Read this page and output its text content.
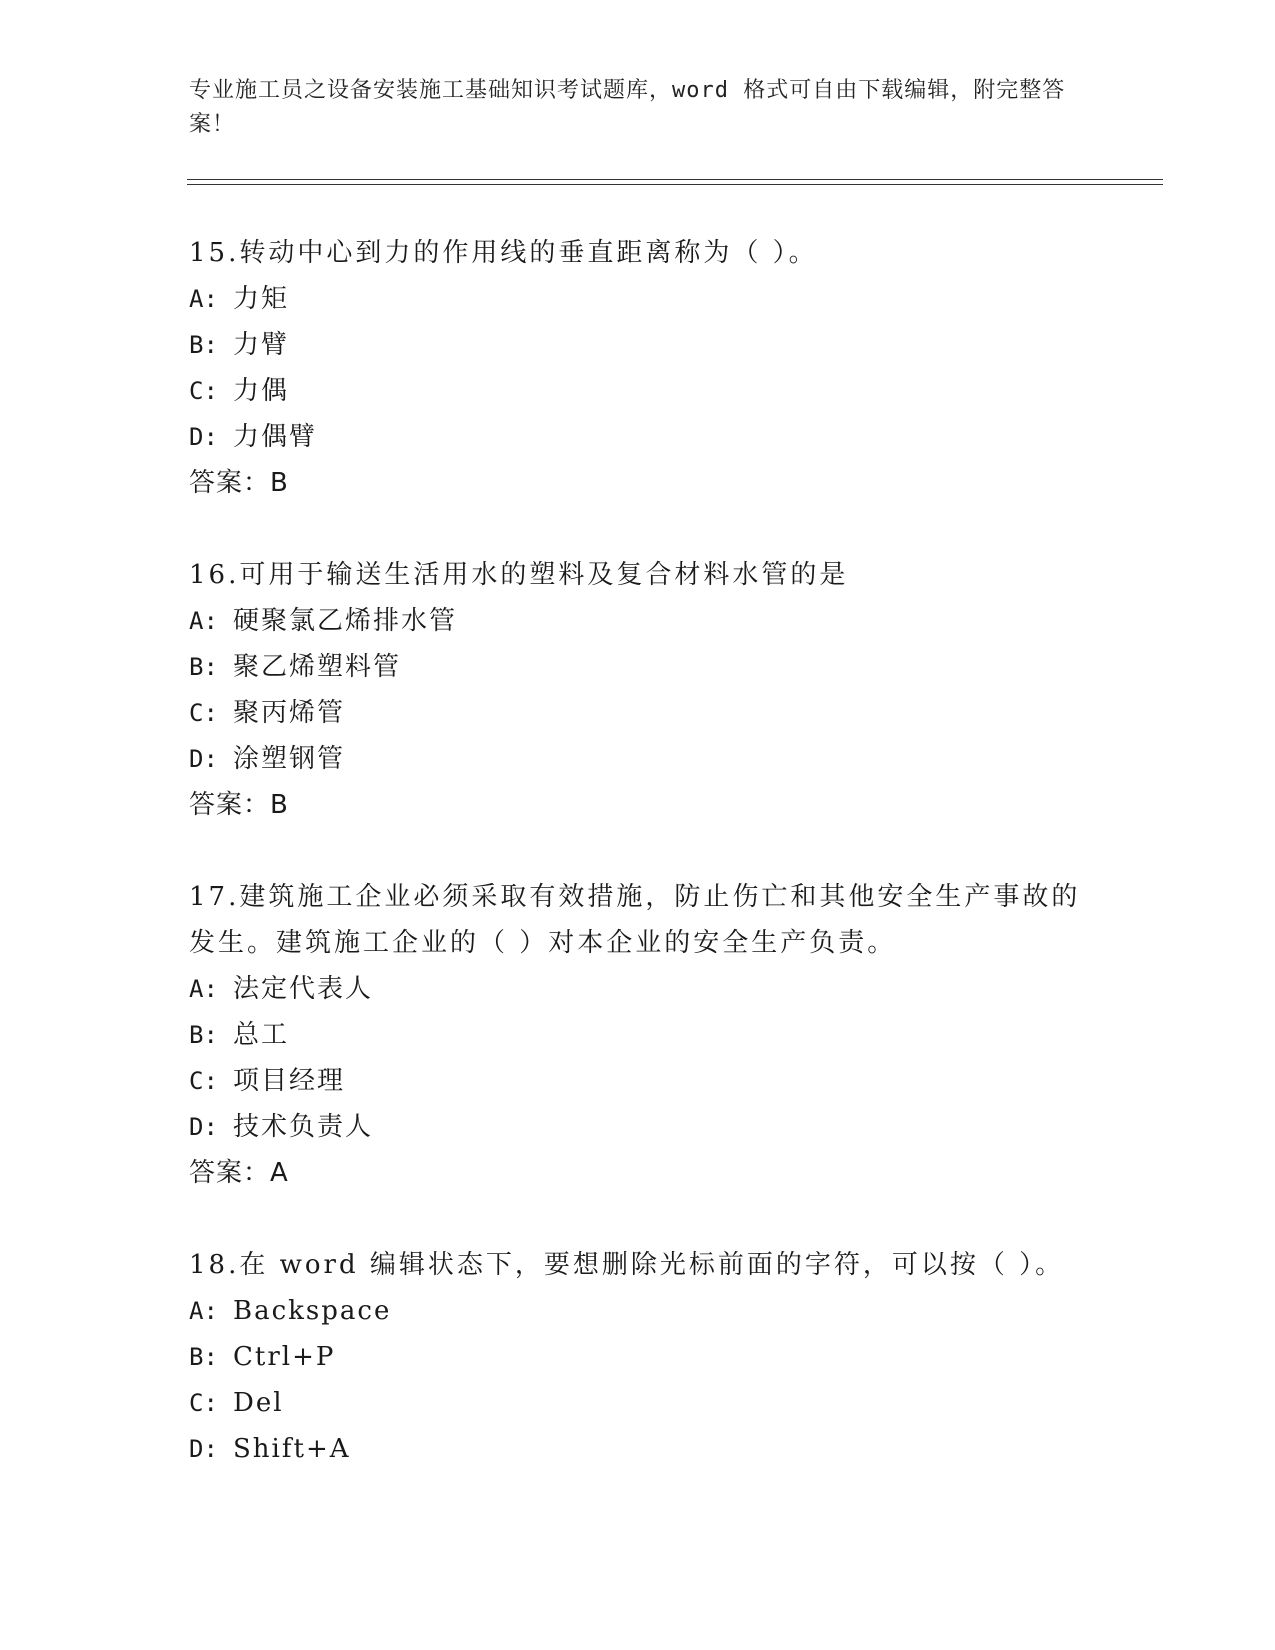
专业施工员之设备安装施工基础知识考试题库，word 格式可自由下载编辑，附完整答案！

15.转动中心到力的作用线的垂直距离称为（ ）。

A: 力矩

B: 力臂

C: 力偶

D: 力偶臂

答案：B

16.可用于输送生活用水的塑料及复合材料水管的是

A: 硬聚氯乙烯排水管

B: 聚乙烯塑料管

C: 聚丙烯管

D: 涂塑钢管

答案：B

17.建筑施工企业必须采取有效措施，防止伤亡和其他安全生产事故的发生。建筑施工企业的（ ）对本企业的安全生产负责。

A: 法定代表人

B: 总工

C: 项目经理

D: 技术负责人

答案：A

18.在 word 编辑状态下，要想删除光标前面的字符，可以按（ ）。

A: Backspace

B: Ctrl+P

C: Del

D: Shift+A
